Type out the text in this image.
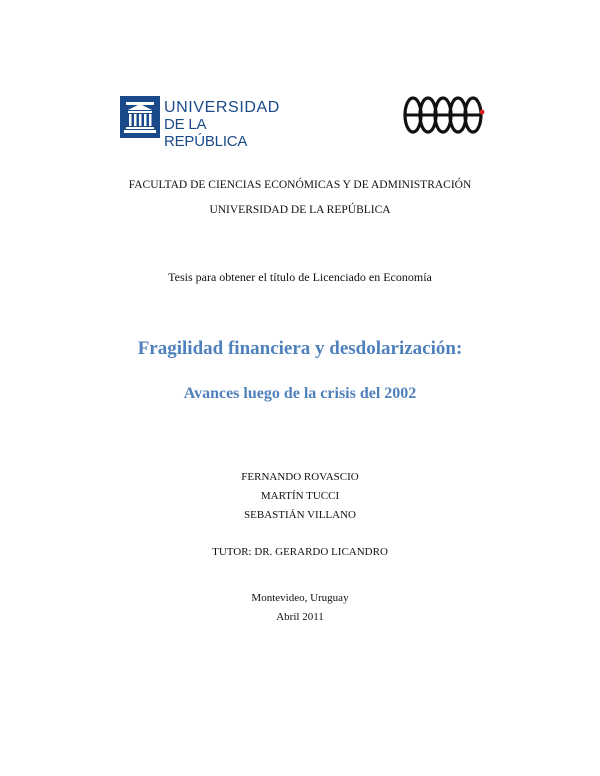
UNIVERSIDAD
DE LA REPÚBLICA
FACULTAD DE CIENCIAS ECONÓMICAS Y DE ADMINISTRACIÓN
UNIVERSIDAD DE LA REPÚBLICA
Tesis para obtener el título de Licenciado en Economía
Fragilidad financiera y desdolarización:
Avances luego de la crisis del 2002
FERNANDO ROVASCIO
MARTÍN TUCCI
SEBASTIÁN VILLANO
TUTOR: DR. GERARDO LICANDRO
Montevideo, Uruguay
Abril 2011
